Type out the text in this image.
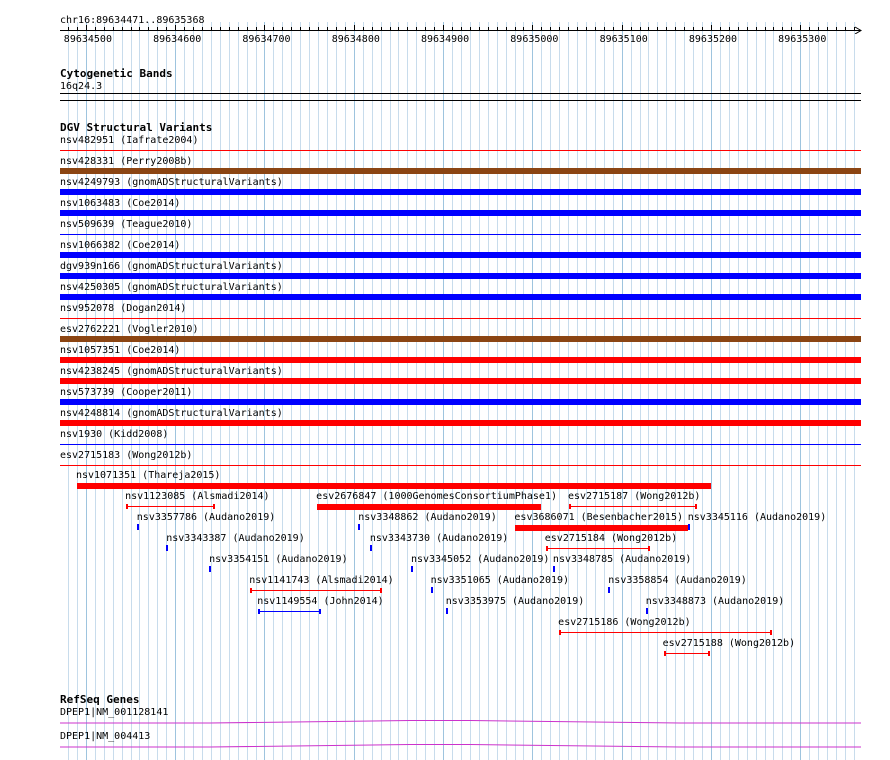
chr16:89634471..89635368
89634500	89634600	89634700	89634800	89634900	89635000	89635100	89635200	89635300
Cytogenetic Bands
16q24.3
DGV Structural Variants
nsv482951 (Iafrate2004)
nsv428331 (Perry2008b)
nsv4249793 (gnomADStructuralVariants)
nsv1063483 (Coe2014)
nsv509639 (Teague2010)
nsv1066382 (Coe2014)
dgv939n166 (gnomADStructuralVariants)
nsv4250305 (gnomADStructuralVariants)
nsv952078 (Dogan2014)
esv2762221 (Vogler2010)
nsv1057351 (Coe2014)
nsv4238245 (gnomADStructuralVariants)
nsv573739 (Cooper2011)
nsv4248814 (gnomADStructuralVariants)
nsv1930 (Kidd2008)
esv2715183 (Wong2012b)
nsv1071351 (Thareja2015)
nsv1123085 (Alsmadi2014)	esv2676847 (1000GenomesConsortiumPhase1) esv2715187 (Wong2012b)
nsv3357786 (Audano2019)	nsv3348862 (Audano2019) esv3686071 (Besenbacher2015) nsv3345116 (Audano2019)
nsv3343387 (Audano2019)	nsv3343730 (Audano2019)	esv2715184 (Wong2012b)
nsv3354151 (Audano2019)	nsv3345052 (Audano2019) nsv3348785 (Audano2019)
nsv1141743 (Alsmadi2014)	nsv3351065 (Audano2019)	nsv3358854 (Audano2019)
nsv1149554 (John2014)	nsv3353975 (Audano2019)	nsv3348873 (Audano2019)
esv2715186 (Wong2012b)
esv2715188 (Wong2012b)
RefSeq Genes
DPEP1|NM_001128141
DPEP1|NM_004413
